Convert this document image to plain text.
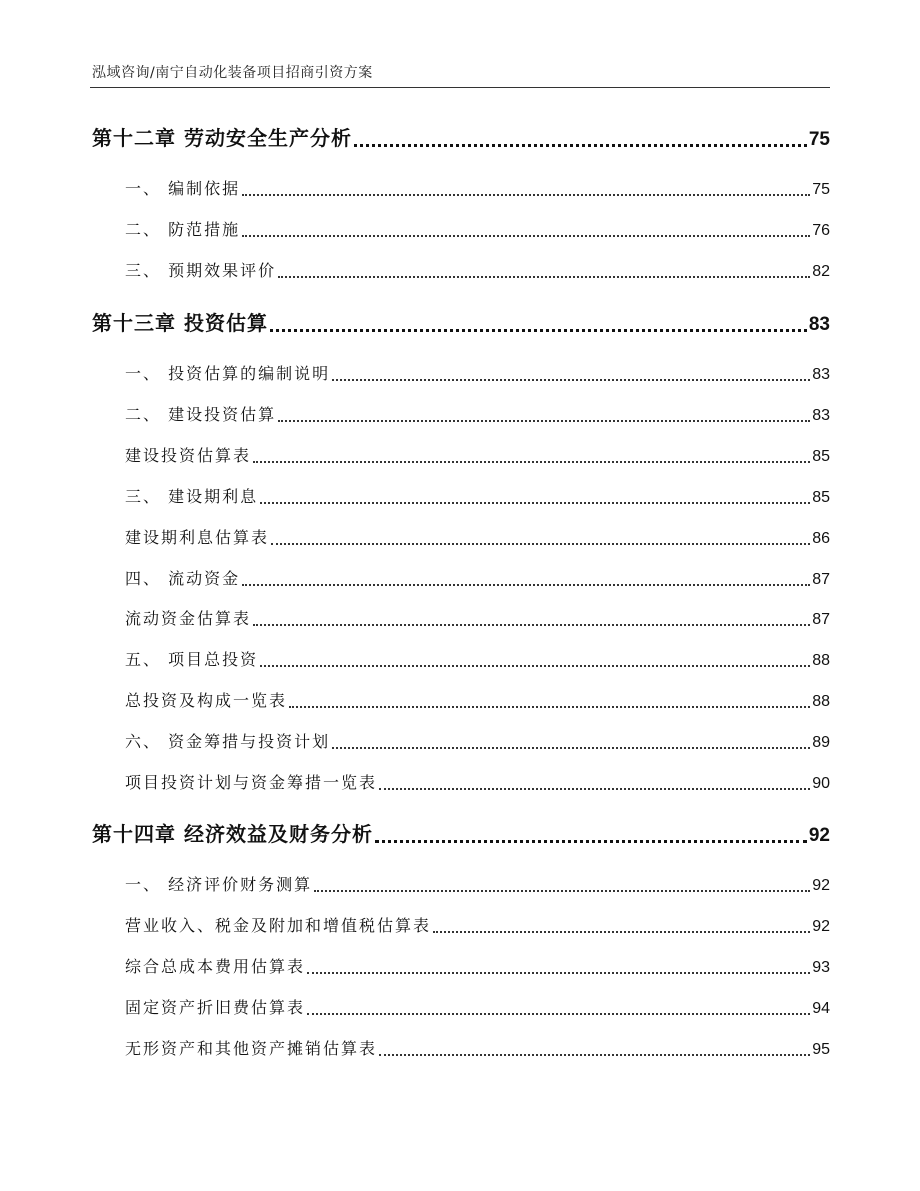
泓域咨询/南宁自动化装备项目招商引资方案
第十二章 劳动安全生产分析	75
一、 编制依据	75
二、 防范措施	76
三、 预期效果评价	82
第十三章 投资估算	83
一、 投资估算的编制说明	83
二、 建设投资估算	83
建设投资估算表	85
三、 建设期利息	85
建设期利息估算表	86
四、 流动资金	87
流动资金估算表	87
五、 项目总投资	88
总投资及构成一览表	88
六、 资金筹措与投资计划	89
项目投资计划与资金筹措一览表	90
第十四章 经济效益及财务分析	92
一、 经济评价财务测算	92
营业收入、税金及附加和增值税估算表	92
综合总成本费用估算表	93
固定资产折旧费估算表	94
无形资产和其他资产摊销估算表	95
